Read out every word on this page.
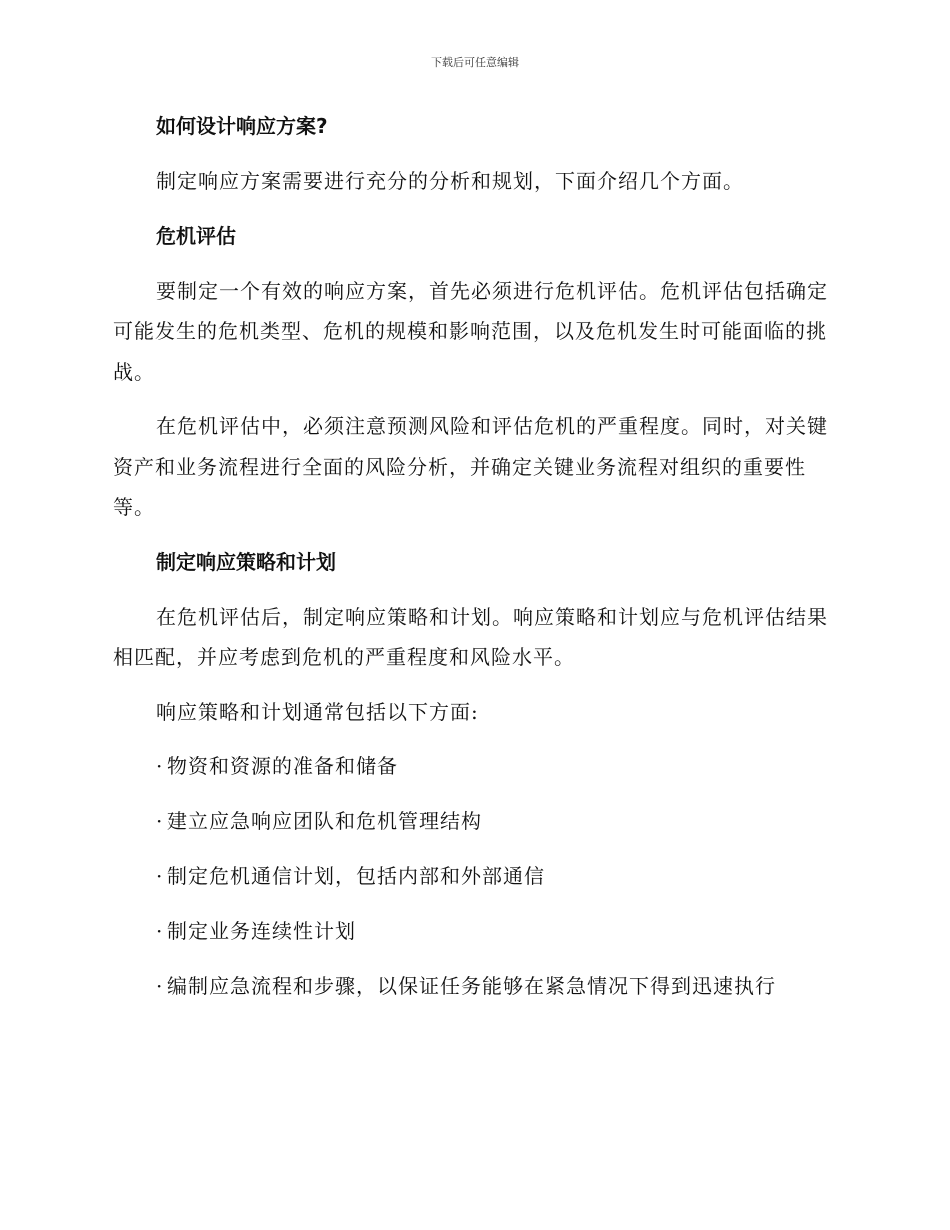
下载后可任意编辑
如何设计响应方案?
制定响应方案需要进行充分的分析和规划，下面介绍几个方面。
危机评估
要制定一个有效的响应方案，首先必须进行危机评估。危机评估包括确定可能发生的危机类型、危机的规模和影响范围，以及危机发生时可能面临的挑战。
在危机评估中，必须注意预测风险和评估危机的严重程度。同时，对关键资产和业务流程进行全面的风险分析，并确定关键业务流程对组织的重要性等。
制定响应策略和计划
在危机评估后，制定响应策略和计划。响应策略和计划应与危机评估结果相匹配，并应考虑到危机的严重程度和风险水平。
响应策略和计划通常包括以下方面:
· 物资和资源的准备和储备
· 建立应急响应团队和危机管理结构
· 制定危机通信计划，包括内部和外部通信
· 制定业务连续性计划
· 编制应急流程和步骤，以保证任务能够在紧急情况下得到迅速执行
